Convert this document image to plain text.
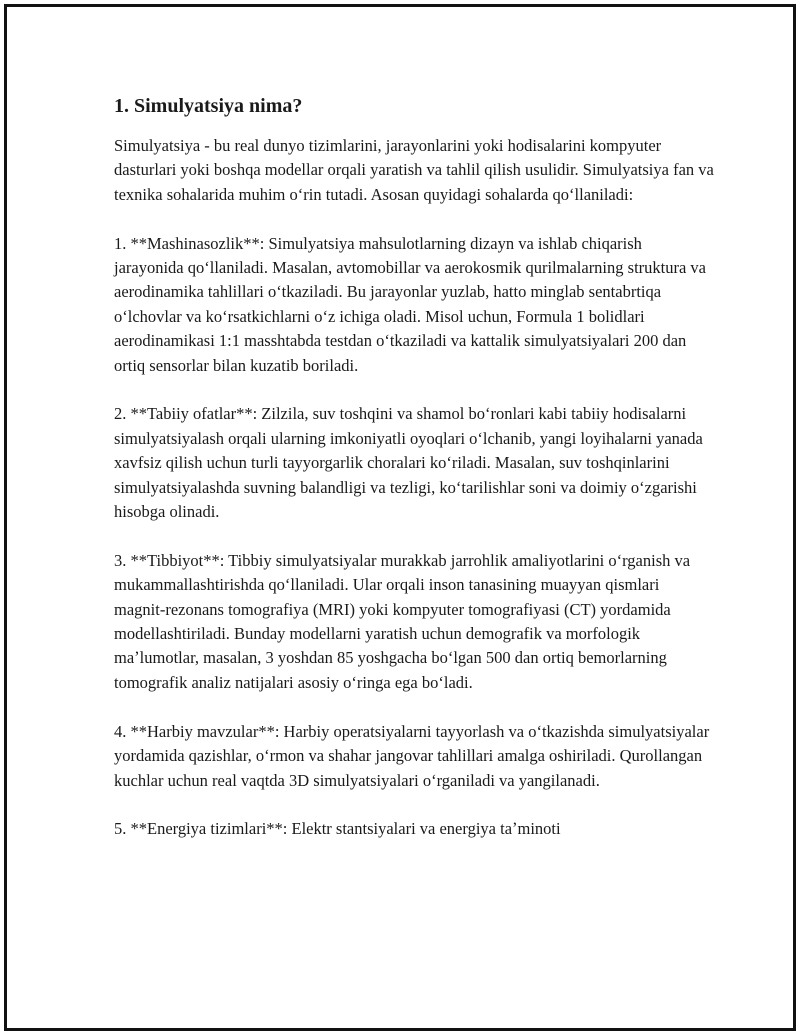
1. Simulyatsiya nima?

Simulyatsiya - bu real dunyo tizimlarini, jarayonlarini yoki hodisalarini kompyuter dasturlari yoki boshqa modellar orqali yaratish va tahlil qilish usulidir. Simulyatsiya fan va texnika sohalarida muhim oʻrin tutadi. Asosan quyidagi sohalarda qoʻllaniladi:

1. **Mashinasozlik**: Simulyatsiya mahsulotlarning dizayn va ishlab chiqarish jarayonida qoʻllaniladi. Masalan, avtomobillar va aerokosmik qurilmalarning struktura va aerodinamika tahlillari oʻtkaziladi. Bu jarayonlar yuzlab, hatto minglab sentabrtiqa oʻlchovlar va koʻrsatkichlarni oʻz ichiga oladi. Misol uchun, Formula 1 bolidlari aerodinamikasi 1:1 masshtabda testdan oʻtkaziladi va kattalik simulyatsiyalari 200 dan ortiq sensorlar bilan kuzatib boriladi.

2. **Tabiiy ofatlar**: Zilzila, suv toshqini va shamol boʻronlari kabi tabiiy hodisalarni simulyatsiyalash orqali ularning imkoniyatli oyoqlari oʻlchanib, yangi loyihalarni yanada xavfsiz qilish uchun turli tayyorgarlik choralari koʻriladi. Masalan, suv toshqinlarini simulyatsiyalashda suvning balandligi va tezligi, koʻtarilishlar soni va doimiy oʻzgarishi hisobga olinadi.

3. **Tibbiyot**: Tibbiy simulyatsiyalar murakkab jarrohlik amaliyotlarini oʻrganish va mukammallashtirishda qoʻllaniladi. Ular orqali inson tanasining muayyan qismlari magnit-rezonans tomografiya (MRI) yoki kompyuter tomografiyasi (CT) yordamida modellashtiriladi. Bunday modellarni yaratish uchun demografik va morfologik maʼlumotlar, masalan, 3 yoshdan 85 yoshgacha boʻlgan 500 dan ortiq bemorlarning tomografik analiz natijalari asosiy oʻringa ega boʻladi.

4. **Harbiy mavzular**: Harbiy operatsiyalarni tayyorlash va oʻtkazishda simulyatsiyalar yordamida qazishlar, oʻrmon va shahar jangovar tahlillari amalga oshiriladi. Qurollangan kuchlar uchun real vaqtda 3D simulyatsiyalari oʻrganiladi va yangilanadi.

5. **Energiya tizimlari**: Elektr stantsiyalari va energiya taʼminoti
